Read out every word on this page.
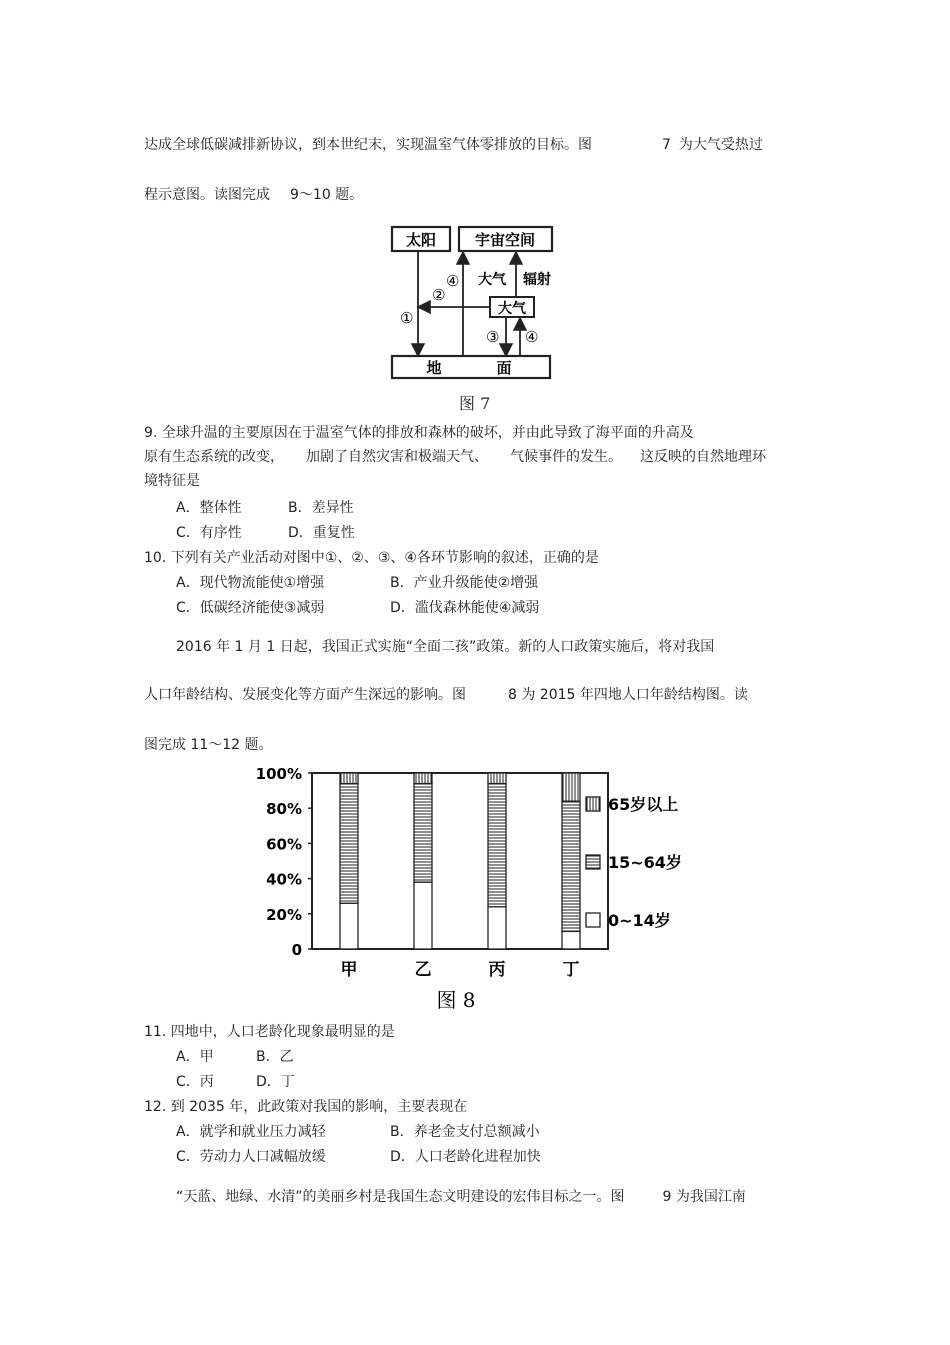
达成全球低碳减排新协议，到本世纪末，实现温室气体零排放的目标。图	7 为大气受热过
程示意图。读图完成 9～10 题。
太阳	宇宙空间
大气
地	面
①
④
②
大气 辐射
③ ④
图 7
9. 全球升温的主要原因在于温室气体的排放和森林的破坏，并由此导致了海平面的升高及
原有生态系统的改变， 加剧了自然灾害和极端天气、 气候事件的发生。 这反映的自然地理环
境特征是
A．整体性	B．差异性
C．有序性	D．重复性
10. 下列有关产业活动对图中①、②、③、④各环节影响的叙述，正确的是
A．现代物流能使①增强	B．产业升级能使②增强
C．低碳经济能使③减弱	D．滥伐森林能使④减弱
2016 年 1 月 1 日起，我国正式实施“全面二孩”政策。新的人口政策实施后，将对我国
人口年龄结构、发展变化等方面产生深远的影响。图	8 为 2015 年四地人口年龄结构图。读
图完成 11～12 题。
0
20%
40%
60%
80%
100%
甲	乙	丙	丁
65岁以上
15~64岁
0~14岁
图 8
11. 四地中，人口老龄化现象最明显的是
A．甲	B．乙
C．丙	D．丁
12. 到 2035 年，此政策对我国的影响，主要表现在
A．就学和就业压力减轻	B．养老金支付总额减小
C．劳动力人口减幅放缓	D．人口老龄化进程加快
“天蓝、地绿、水清”的美丽乡村是我国生态文明建设的宏伟目标之一。图	9 为我国江南
